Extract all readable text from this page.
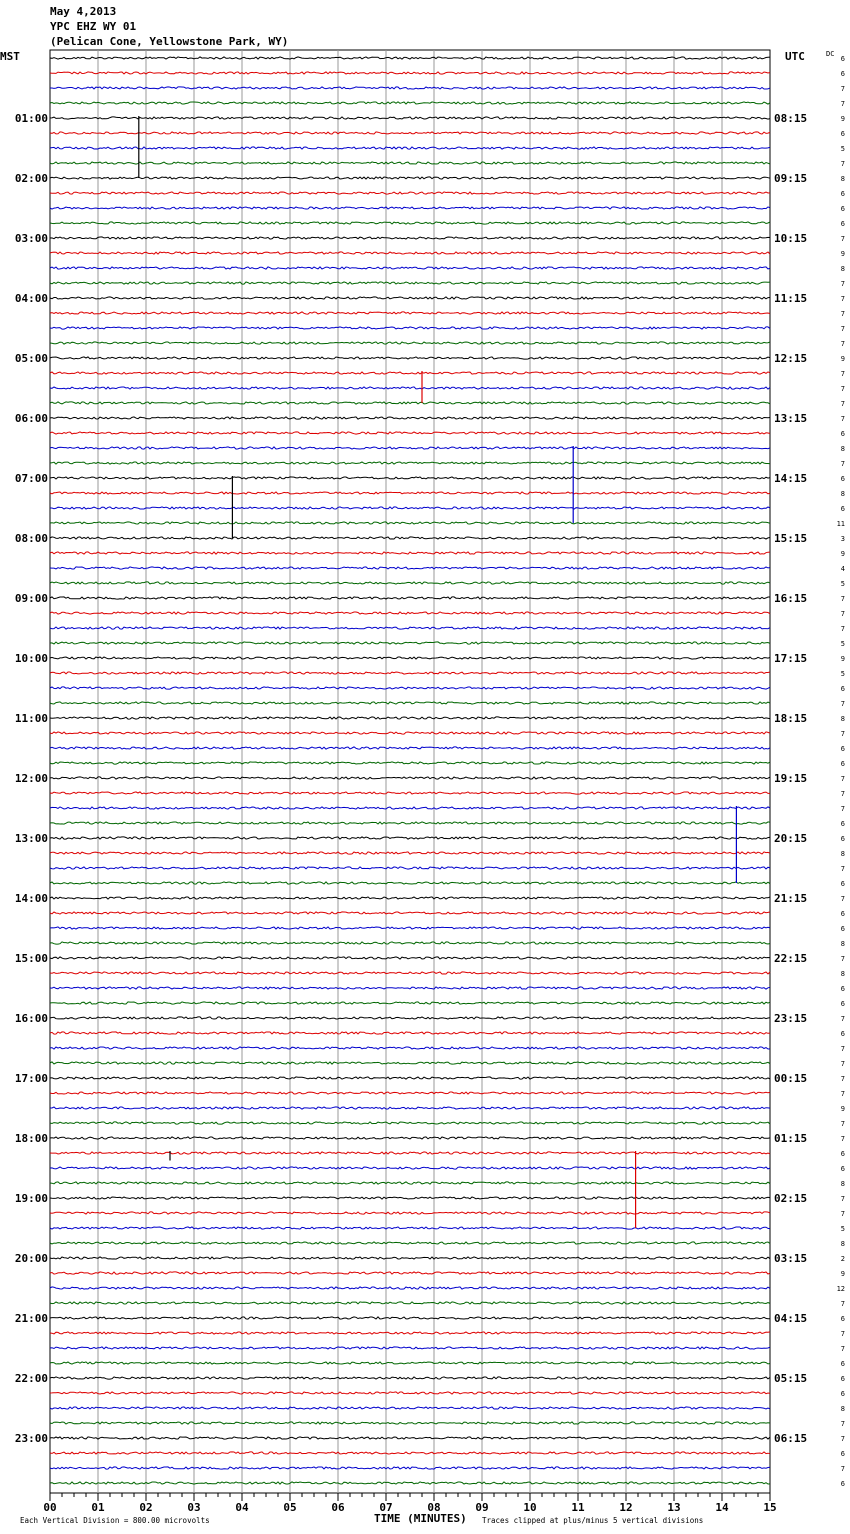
May 4,2013
YPC EHZ WY 01
(Pelican Cone, Yellowstone Park, WY)
MST	UTC	DC
01:00	08:15
02:00	09:15
03:00	10:15
04:00	11:15
05:00	12:15
06:00	13:15
07:00	14:15
08:00	15:15
09:00	16:15
10:00	17:15
11:00	18:15
12:00	19:15
13:00	20:15
14:00	21:15
15:00	22:15
16:00	23:15
17:00	00:15
18:00	01:15
19:00	02:15
20:00	03:15
21:00	04:15
22:00	05:15
23:00	06:15
6
6
7
7
9
6
5
7
8
6
6
6
7
9
8
7
7
7
7
7
9
7
7
7
7
6
8
7
6
8
6
11
3
9
4
5
7
7
7
5
9
5
6
7
8
7
6
6
7
7
7
6
6
8
7
6
7
6
6
8
7
8
6
6
7
6
7
7
7
7
9
7
7
6
6
8
7
7
5
8
2
9
12
7
6
7
7
6
6
6
8
7
7
6
7
6
00	01	02	03	04	05	06	07	08	09	10	11	12	13	14	15
Each Vertical Division = 800.00 microvolts	TIME (MINUTES) Traces clipped at plus/minus 5 vertical divisions
